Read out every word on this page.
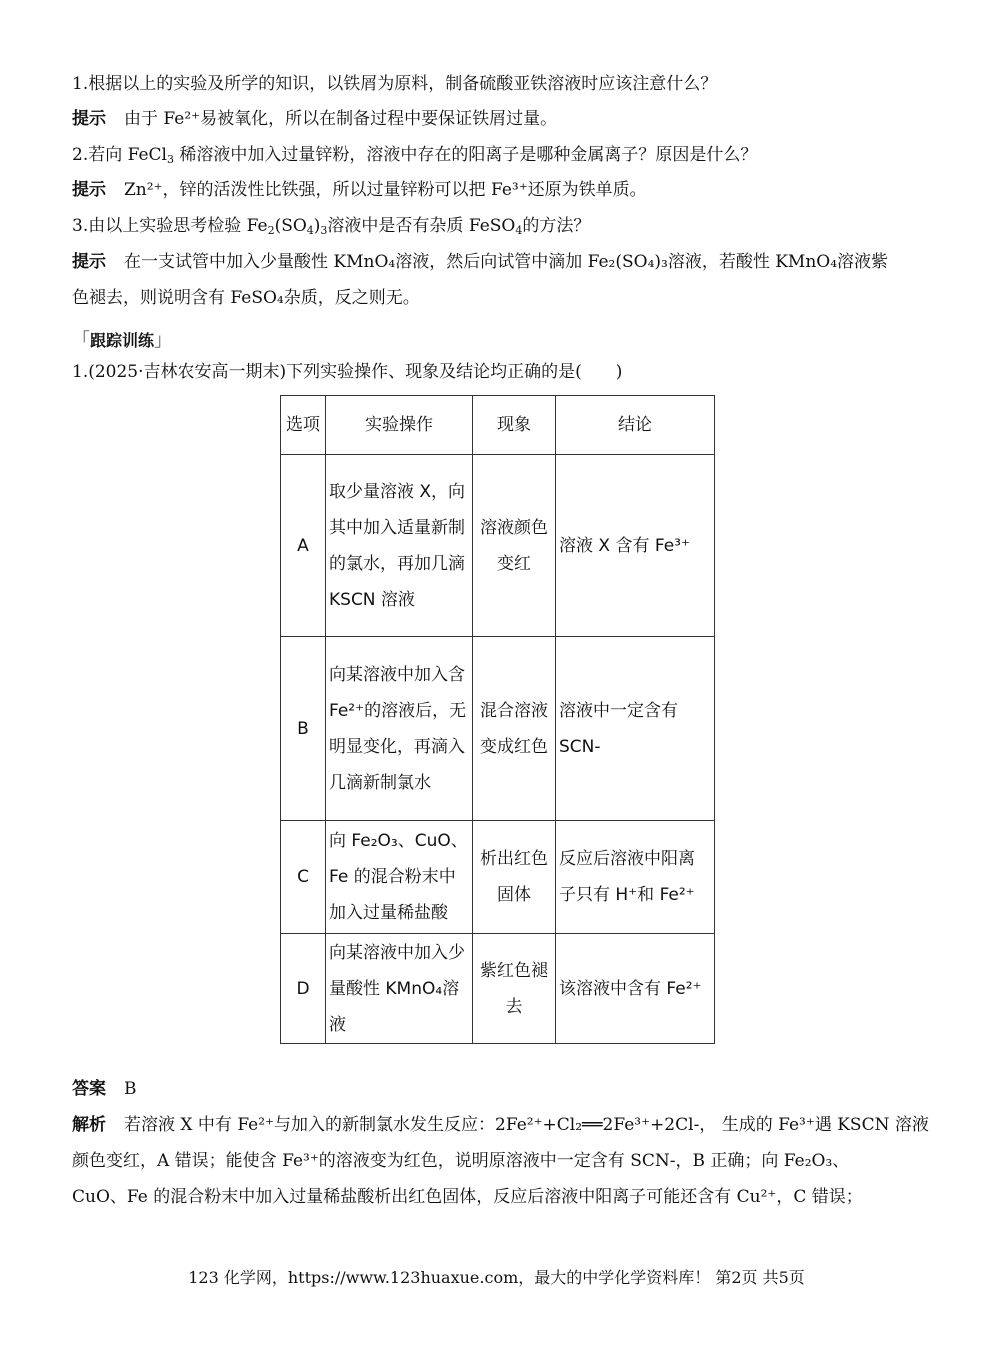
1.根据以上的实验及所学的知识，以铁屑为原料，制备硫酸亚铁溶液时应该注意什么？
提示 由于 Fe²⁺易被氧化，所以在制备过程中要保证铁屑过量。
2.若向 FeCl$_3$ 稀溶液中加入过量锌粉，溶液中存在的阳离子是哪种金属离子？原因是什么？
提示 Zn²⁺，锌的活泼性比铁强，所以过量锌粉可以把 Fe³⁺还原为铁单质。
3.由以上实验思考检验 $Fe_2(SO_4)_3$溶液中是否有杂质 FeSO$_4$的方法？
提示 在一支试管中加入少量酸性 KMnO₄溶液，然后向试管中滴加 Fe₂(SO₄)₃溶液，若酸性 KMnO₄溶液紫
色褪去，则说明含有 FeSO₄杂质，反之则无。
「跟踪训练」
1.(2025·吉林农安高一期末)下列实验操作、现象及结论均正确的是(　　)
选项	实验操作	现象	结论
A	取少量溶液 X，向其中加入适量新制的氯水，再加几滴 KSCN 溶液	溶液颜色变红	溶液 X 含有 Fe³⁺
B	向某溶液中加入含 Fe²⁺的溶液后，无明显变化，再滴入几滴新制氯水	混合溶液变成红色	溶液中一定含有 SCN-
C	向 Fe₂O₃、CuO、Fe 的混合粉末中加入过量稀盐酸	析出红色固体	反应后溶液中阳离子只有 H⁺和 Fe²⁺
D	向某溶液中加入少量酸性 KMnO₄溶液	紫红色褪去	该溶液中含有 Fe²⁺
答案 B
解析 若溶液 X 中有 Fe²⁺与加入的新制氯水发生反应：2Fe²⁺+Cl₂══2Fe³⁺+2Cl-， 生成的 Fe³⁺遇 KSCN 溶液
颜色变红，A 错误；能使含 Fe³⁺的溶液变为红色，说明原溶液中一定含有 SCN-，B 正确；向 Fe₂O₃、
CuO、Fe 的混合粉末中加入过量稀盐酸析出红色固体，反应后溶液中阳离子可能还含有 Cu²⁺，C 错误；
123 化学网，https://www.123huaxue.com，最大的中学化学资料库！ 第2页 共5页
